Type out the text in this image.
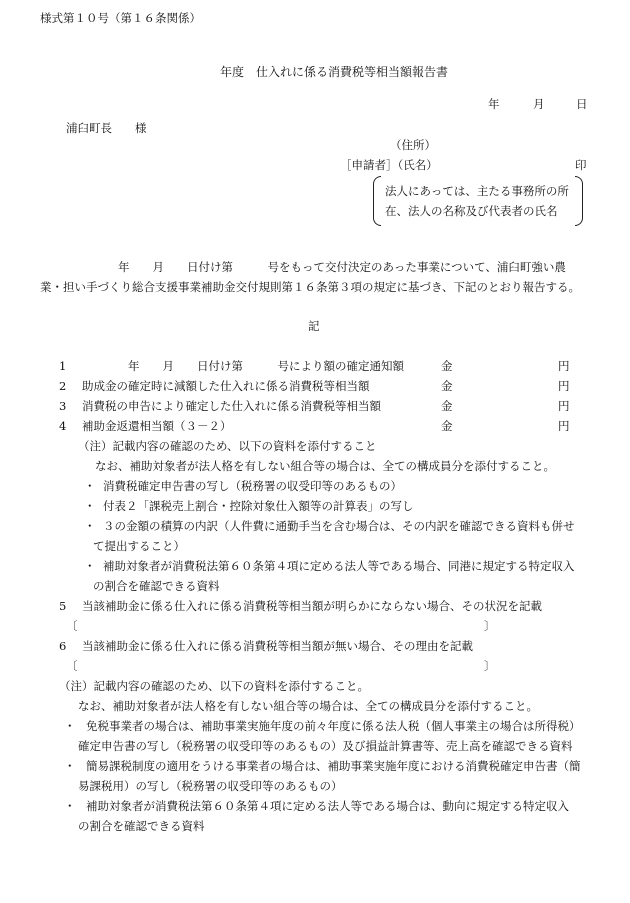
様式第１０号（第１６条関係）
年度　仕入れに係る消費税等相当額報告書
年	月	日
浦臼町長　　様
（住所）
［申請者］（氏名）	印
法人にあっては、主たる事務所の所
在、法人の名称及び代表者の氏名
年　　月　　日付け第　　　号をもって交付決定のあった事業について、浦臼町強い農
業・担い手づくり総合支援事業補助金交付規則第１６条第３項の規定に基づき、下記のとおり報告する。
記
1 　　　　年　　月　　日付け第　　　号により額の確定通知額	金	円
2 助成金の確定時に減額した仕入れに係る消費税等相当額	金	円
3 消費税の申告により確定した仕入れに係る消費税等相当額	金	円
4 補助金返還相当額（３－２）	金	円
（注）記載内容の確認のため、以下の資料を添付すること
なお、補助対象者が法人格を有しない組合等の場合は、全ての構成員分を添付すること。
・ 消費税確定申告書の写し（税務署の収受印等のあるもの）
・ 付表２「課税売上割合・控除対象仕入額等の計算表」の写し
・ ３の金額の積算の内訳（人件費に通勤手当を含む場合は、その内訳を確認できる資料も併せ
て提出すること）
・ 補助対象者が消費税法第６０条第４項に定める法人等である場合、同港に規定する特定収入
の割合を確認できる資料
5 当該補助金に係る仕入れに係る消費税等相当額が明らかにならない場合、その状況を記載
〔	〕
6 当該補助金に係る仕入れに係る消費税等相当額が無い場合、その理由を記載
〔	〕
（注）記載内容の確認のため、以下の資料を添付すること。
なお、補助対象者が法人格を有しない組合等の場合は、全ての構成員分を添付すること。
・ 免税事業者の場合は、補助事業実施年度の前々年度に係る法人税（個人事業主の場合は所得税）
確定申告書の写し（税務署の収受印等のあるもの）及び損益計算書等、売上高を確認できる資料
・ 簡易課税制度の適用をうける事業者の場合は、補助事業実施年度における消費税確定申告書（簡
易課税用）の写し（税務署の収受印等のあるもの）
・ 補助対象者が消費税法第６０条第４項に定める法人等である場合は、動向に規定する特定収入
の割合を確認できる資料
